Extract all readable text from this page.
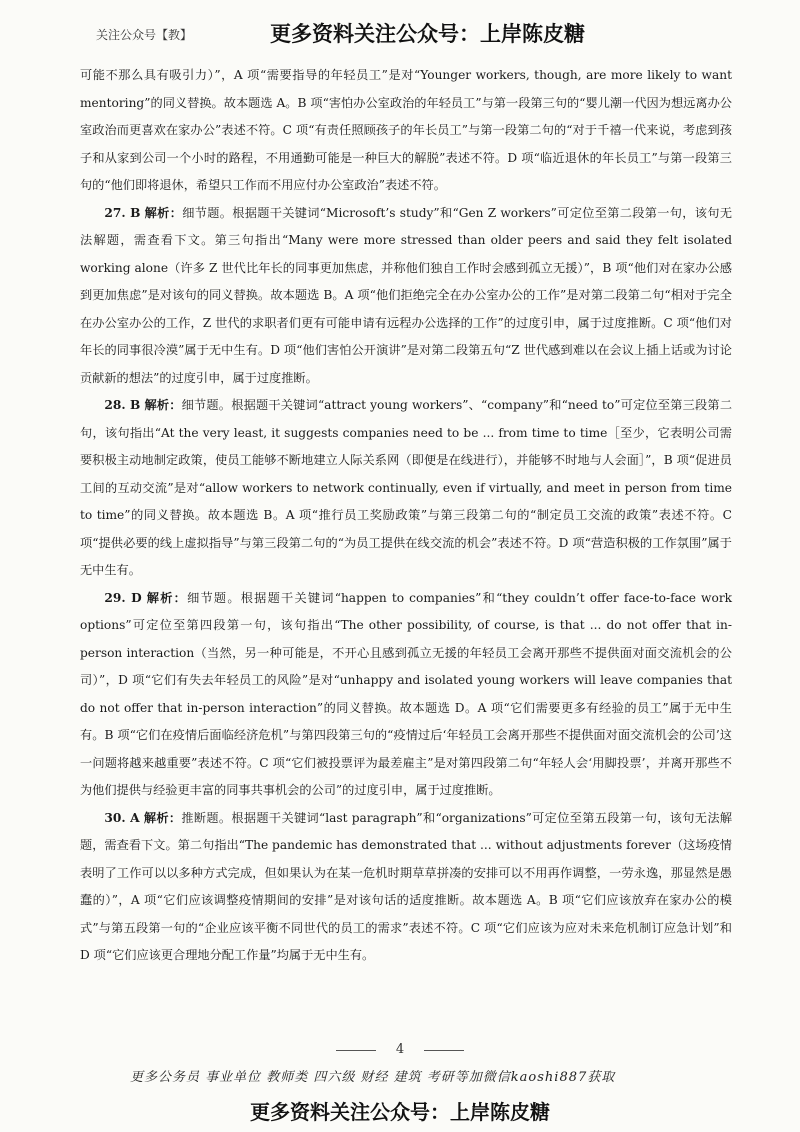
关注公众号【教】	更多资料关注公众号：上岸陈皮糖

可能不那么具有吸引力）”，A 项“需要指导的年轻员工”是对“Younger workers, though, are more likely to want mentoring”的同义替换。故本题选 A。B 项“害怕办公室政治的年轻员工”与第一段第三句的“婴儿潮一代因为想远离办公室政治而更喜欢在家办公”表述不符。C 项“有责任照顾孩子的年长员工”与第一段第二句的“对于千禧一代来说，考虑到孩子和从家到公司一个小时的路程，不用通勤可能是一种巨大的解脱”表述不符。D 项“临近退休的年长员工”与第一段第三句的“他们即将退休，希望只工作而不用应付办公室政治”表述不符。

27. B 解析：细节题。根据题干关键词“Microsoft’s study”和“Gen Z workers”可定位至第二段第一句，该句无法解题，需查看下文。第三句指出“Many were more stressed than older peers and said they felt isolated working alone（许多 Z 世代比年长的同事更加焦虑，并称他们独自工作时会感到孤立无援）”，B 项“他们对在家办公感到更加焦虑”是对该句的同义替换。故本题选 B。A 项“他们拒绝完全在办公室办公的工作”是对第二段第二句“相对于完全在办公室办公的工作，Z 世代的求职者们更有可能申请有远程办公选择的工作”的过度引申，属于过度推断。C 项“他们对年长的同事很冷漠”属于无中生有。D 项“他们害怕公开演讲”是对第二段第五句“Z 世代感到难以在会议上插上话或为讨论贡献新的想法”的过度引申，属于过度推断。

28. B 解析：细节题。根据题干关键词“attract young workers”、“company”和“need to”可定位至第三段第二句，该句指出“At the very least, it suggests companies need to be ... from time to time［至少，它表明公司需要积极主动地制定政策，使员工能够不断地建立人际关系网（即便是在线进行），并能够不时地与人会面］”，B 项“促进员工间的互动交流”是对“allow workers to network continually, even if virtually, and meet in person from time to time”的同义替换。故本题选 B。A 项“推行员工奖励政策”与第三段第二句的“制定员工交流的政策”表述不符。C 项“提供必要的线上虚拟指导”与第三段第二句的“为员工提供在线交流的机会”表述不符。D 项“营造积极的工作氛围”属于无中生有。

29. D 解析：细节题。根据题干关键词“happen to companies”和“they couldn’t offer face-to-face work options”可定位至第四段第一句，该句指出“The other possibility, of course, is that ... do not offer that in-person interaction（当然，另一种可能是，不开心且感到孤立无援的年轻员工会离开那些不提供面对面交流机会的公司）”，D 项“它们有失去年轻员工的风险”是对“unhappy and isolated young workers will leave companies that do not offer that in-person interaction”的同义替换。故本题选 D。A 项“它们需要更多有经验的员工”属于无中生有。B 项“它们在疫情后面临经济危机”与第四段第三句的“疫情过后‘年轻员工会离开那些不提供面对面交流机会的公司’这一问题将越来越重要”表述不符。C 项“它们被投票评为最差雇主”是对第四段第二句“年轻人会‘用脚投票’，并离开那些不为他们提供与经验更丰富的同事共事机会的公司”的过度引申，属于过度推断。

30. A 解析：推断题。根据题干关键词“last paragraph”和“organizations”可定位至第五段第一句，该句无法解题，需查看下文。第二句指出“The pandemic has demonstrated that ... without adjustments forever（这场疫情表明了工作可以以多种方式完成，但如果认为在某一危机时期草草拼凑的安排可以不用再作调整，一劳永逸，那显然是愚蠢的）”，A 项“它们应该调整疫情期间的安排”是对该句话的适度推断。故本题选 A。B 项“它们应该放弃在家办公的模式”与第五段第一句的“企业应该平衡不同世代的员工的需求”表述不符。C 项“它们应该为应对未来危机制订应急计划”和 D 项“它们应该更合理地分配工作量”均属于无中生有。

4
更多公务员 事业单位 教师类 四六级 财经 建筑 考研等加微信kaoshi887获取
更多资料关注公众号：上岸陈皮糖
